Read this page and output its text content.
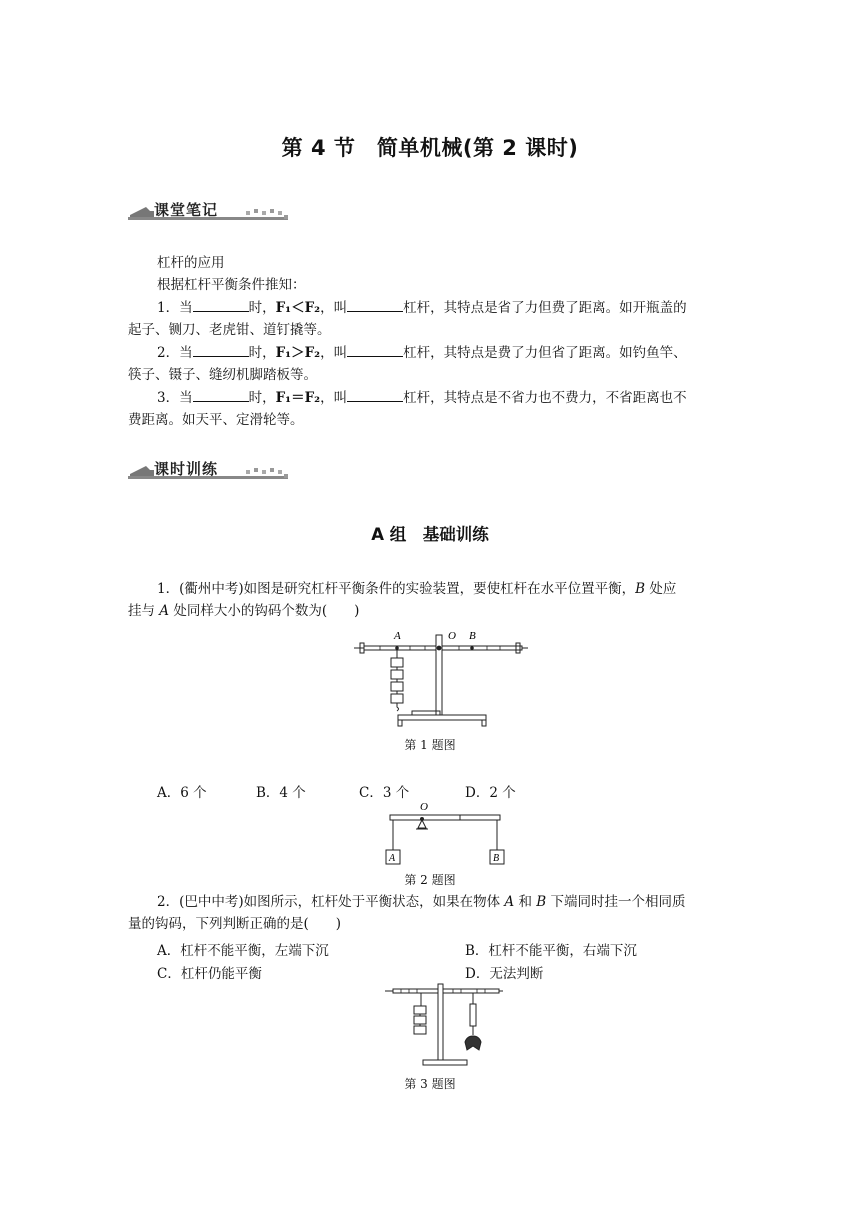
第 4 节　简单机械(第 2 课时)
课堂笔记
杠杆的应用
根据杠杆平衡条件推知：
1．当	时，F₁＜F₂，叫	杠杆，其特点是省了力但费了距离。如开瓶盖的
起子、铡刀、老虎钳、道钉撬等。
2．当	时，F₁＞F₂，叫	杠杆，其特点是费了力但省了距离。如钓鱼竿、
筷子、镊子、缝纫机脚踏板等。
3．当	时，F₁＝F₂，叫	杠杆，其特点是不省力也不费力，不省距离也不
费距离。如天平、定滑轮等。
课时训练
A 组　基础训练
1．(衢州中考)如图是研究杠杆平衡条件的实验装置，要使杠杆在水平位置平衡，B 处应
挂与 A 处同样大小的钩码个数为(　　)
A	O B
第 1 题图
A．6 个	B．4 个	C．3 个	D．2 个
O
A	B
第 2 题图
2．(巴中中考)如图所示，杠杆处于平衡状态，如果在物体 A 和 B 下端同时挂一个相同质
量的钩码，下列判断正确的是(　　)
A．杠杆不能平衡，左端下沉	B．杠杆不能平衡，右端下沉
C．杠杆仍能平衡	D．无法判断
第 3 题图
